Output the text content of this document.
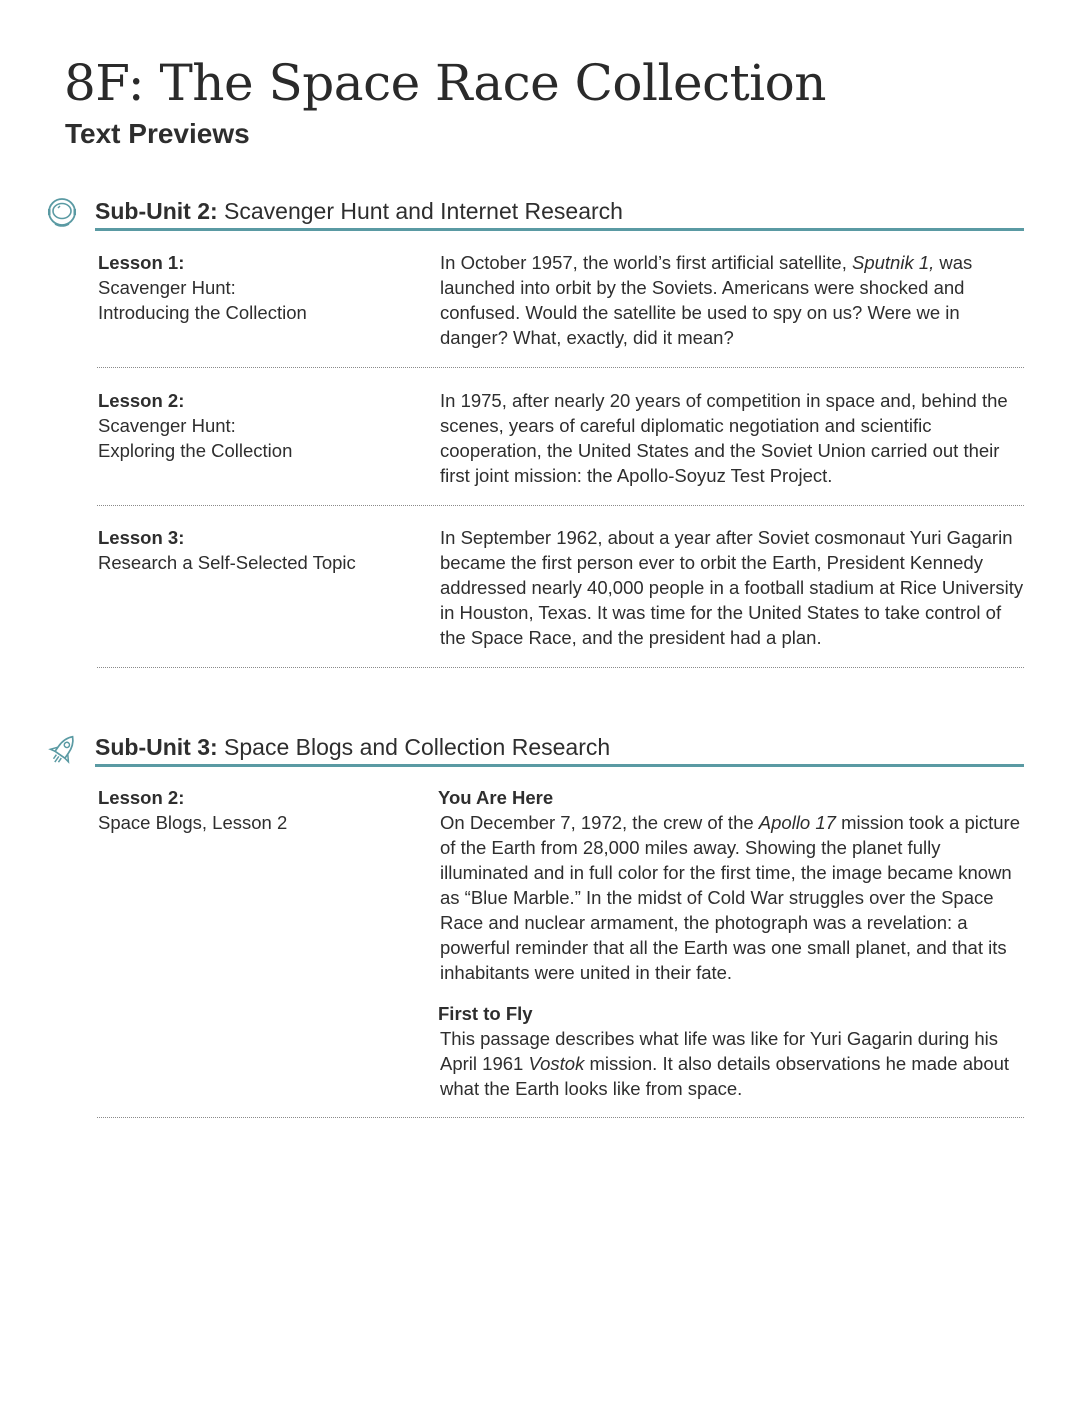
8F: The Space Race Collection
Text Previews
Sub-Unit 2: Scavenger Hunt and Internet Research
Lesson 1:
Scavenger Hunt:
Introducing the Collection

In October 1957, the world’s first artificial satellite, Sputnik 1, was launched into orbit by the Soviets. Americans were shocked and confused. Would the satellite be used to spy on us? Were we in danger? What, exactly, did it mean?

Lesson 2:
Scavenger Hunt:
Exploring the Collection

In 1975, after nearly 20 years of competition in space and, behind the scenes, years of careful diplomatic negotiation and scientific cooperation, the United States and the Soviet Union carried out their first joint mission: the Apollo-Soyuz Test Project.

Lesson 3:
Research a Self-Selected Topic

In September 1962, about a year after Soviet cosmonaut Yuri Gagarin became the first person ever to orbit the Earth, President Kennedy addressed nearly 40,000 people in a football stadium at Rice University in Houston, Texas. It was time for the United States to take control of the Space Race, and the president had a plan.

Sub-Unit 3: Space Blogs and Collection Research
Lesson 2:
Space Blogs, Lesson 2
You Are Here

On December 7, 1972, the crew of the Apollo 17 mission took a picture of the Earth from 28,000 miles away. Showing the planet fully illuminated and in full color for the first time, the image became known as “Blue Marble.” In the midst of Cold War struggles over the Space Race and nuclear armament, the photograph was a revelation: a powerful reminder that all the Earth was one small planet, and that its inhabitants were united in their fate.

First to Fly

This passage describes what life was like for Yuri Gagarin during his April 1961 Vostok mission. It also details observations he made about what the Earth looks like from space.
